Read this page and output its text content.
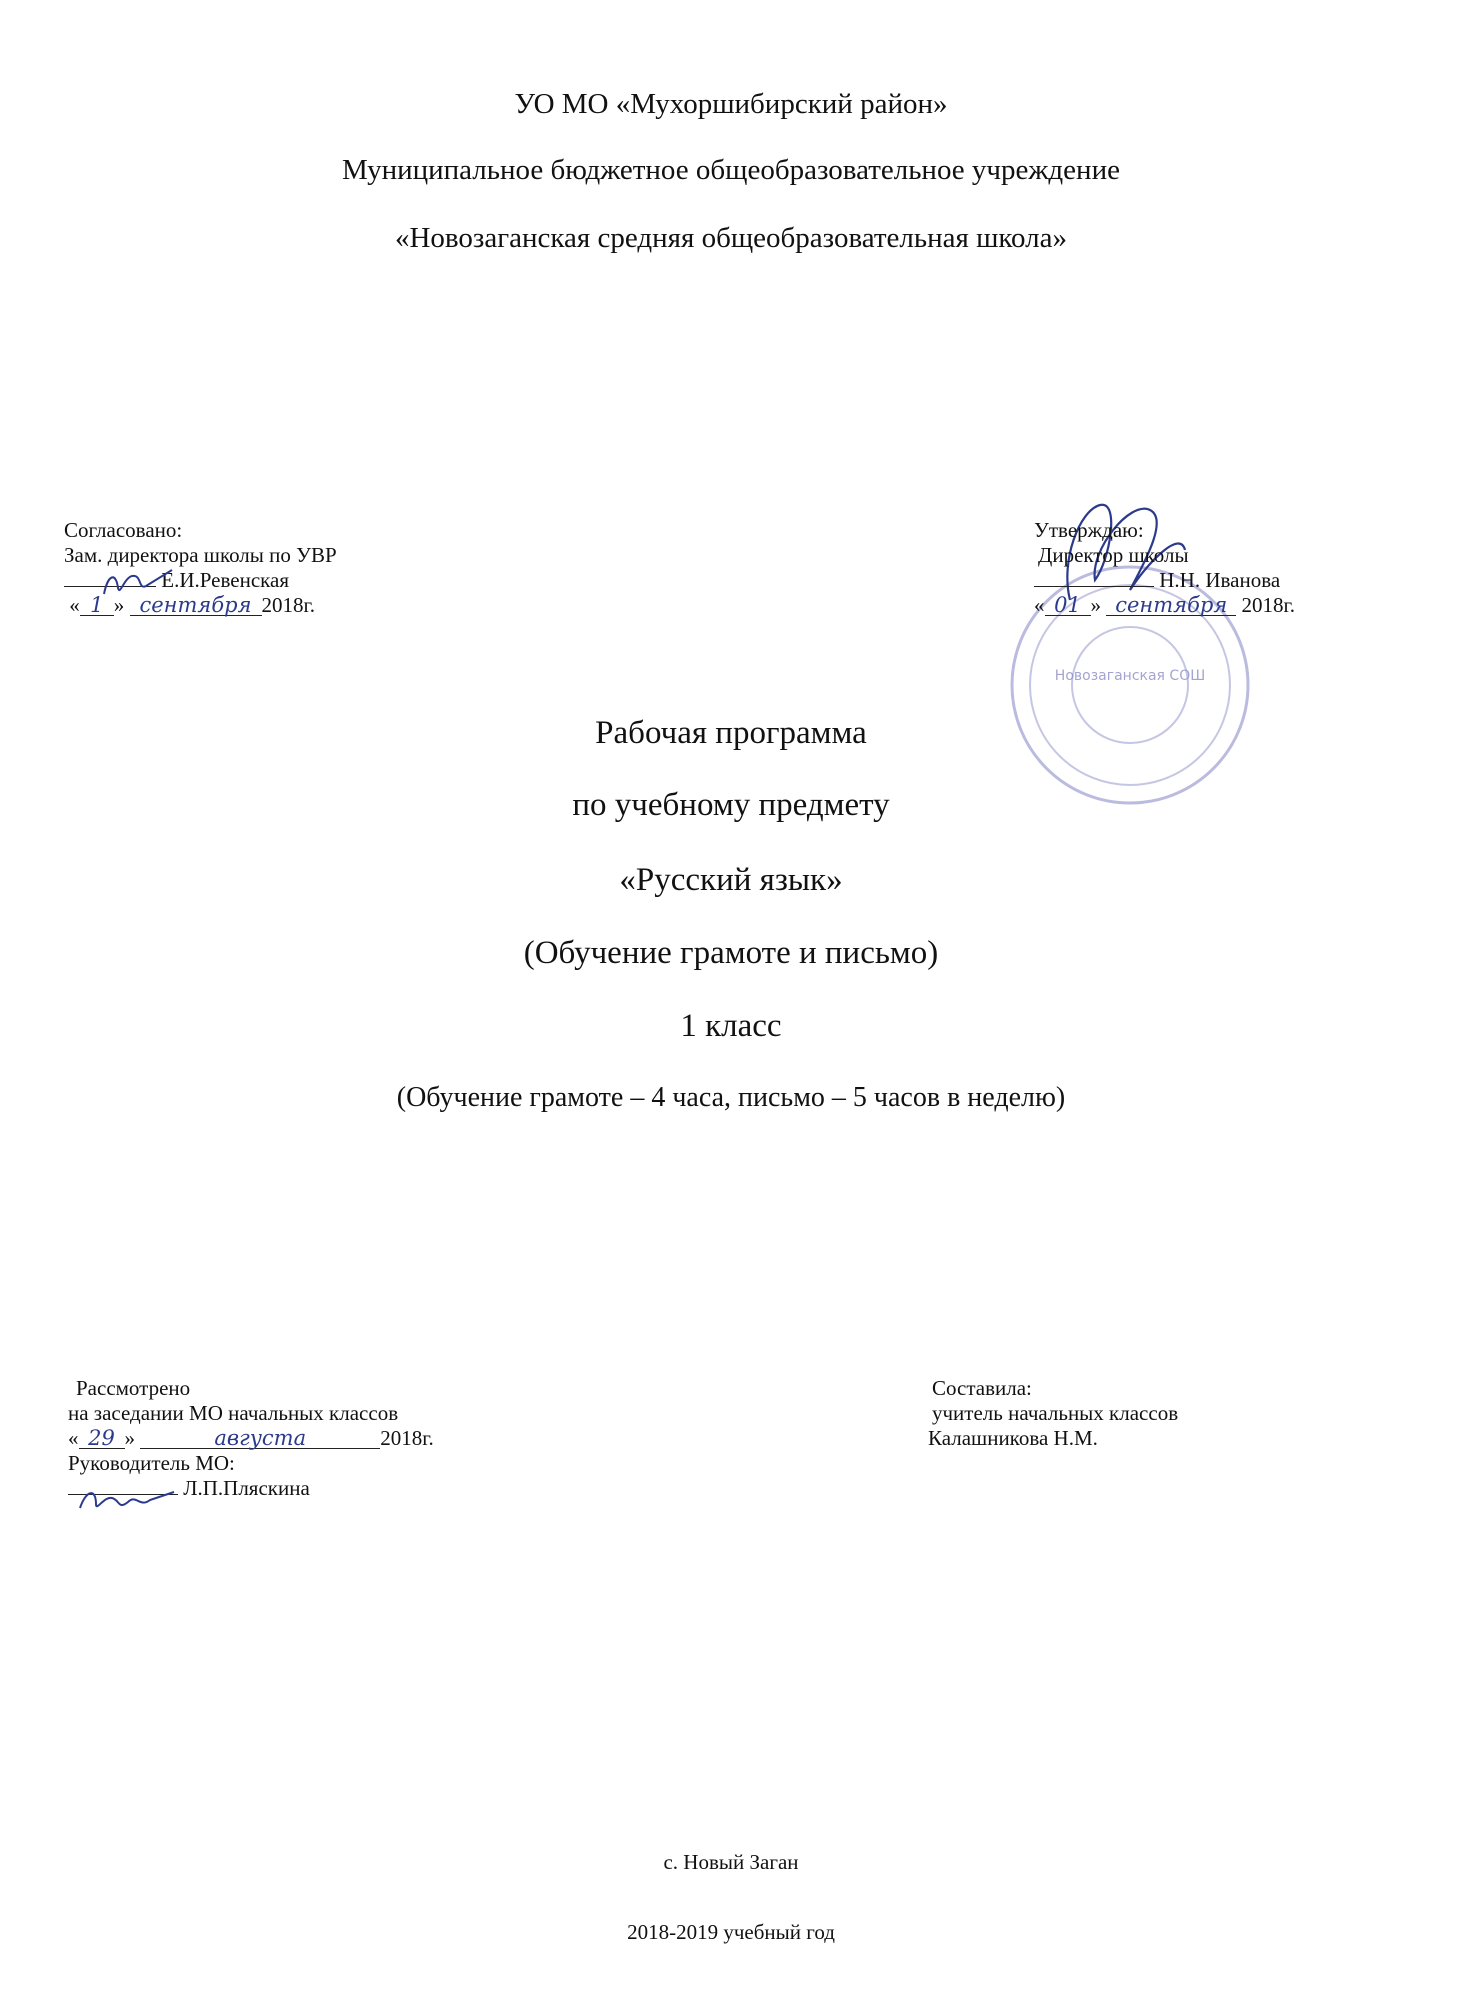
УО МО «Мухоршибирский район»
Муниципальное бюджетное общеобразовательное учреждение
«Новозаганская средняя общеобразовательная школа»
Согласовано:
Зам. директора школы по УВР
Е.И.Ревенская
« 1 » сентября 2018г.
Новозаганская СОШ
Утверждаю:
Директор школы
Н.Н. Иванова
« 01 » сентября 2018г.
Рабочая программа
по учебному предмету
«Русский язык»
(Обучение грамоте и письмо)
1 класс
(Обучение грамоте – 4 часа, письмо – 5 часов в неделю)
Рассмотрено
на заседании МО начальных классов
« 29 »	августа	2018г.
Руководитель МО:
Л.П.Пляскина
Составила:
учитель начальных классов
Калашникова Н.М.
с. Новый Заган
2018-2019 учебный год
